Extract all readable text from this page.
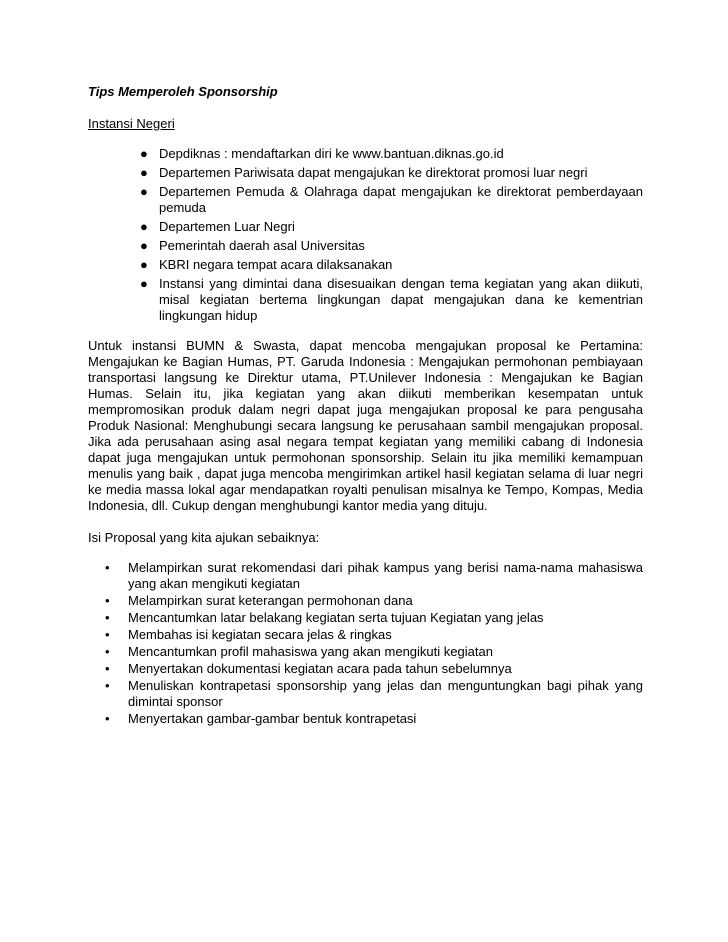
Tips Memperoleh Sponsorship
Instansi Negeri
● Depdiknas : mendaftarkan diri ke www.bantuan.diknas.go.id
● Departemen Pariwisata dapat mengajukan ke direktorat promosi luar negri
● Departemen Pemuda & Olahraga dapat mengajukan ke direktorat pemberdayaan pemuda
● Departemen Luar Negri
● Pemerintah daerah asal Universitas
● KBRI negara tempat acara dilaksanakan
● Instansi yang dimintai dana disesuaikan dengan tema kegiatan yang akan diikuti, misal kegiatan bertema lingkungan dapat mengajukan dana ke kementrian lingkungan hidup
Untuk instansi BUMN & Swasta, dapat mencoba mengajukan proposal ke Pertamina: Mengajukan ke Bagian Humas, PT. Garuda Indonesia : Mengajukan permohonan pembiayaan transportasi langsung ke Direktur utama, PT.Unilever Indonesia : Mengajukan ke Bagian Humas. Selain itu, jika kegiatan yang akan diikuti memberikan kesempatan untuk mempromosikan produk dalam negri dapat juga mengajukan proposal ke para pengusaha Produk Nasional: Menghubungi secara langsung ke perusahaan sambil mengajukan proposal. Jika ada perusahaan asing asal negara tempat kegiatan yang memiliki cabang di Indonesia dapat juga mengajukan untuk permohonan sponsorship. Selain itu jika memiliki kemampuan menulis yang baik , dapat juga mencoba mengirimkan artikel hasil kegiatan selama di luar negri ke media massa lokal agar mendapatkan royalti penulisan misalnya ke Tempo, Kompas, Media Indonesia, dll. Cukup dengan menghubungi kantor media yang dituju.
Isi Proposal yang kita ajukan sebaiknya:
• Melampirkan surat rekomendasi dari pihak kampus yang berisi nama-nama mahasiswa yang akan mengikuti kegiatan
• Melampirkan surat keterangan permohonan dana
• Mencantumkan latar belakang kegiatan serta tujuan Kegiatan yang jelas
• Membahas isi kegiatan secara jelas & ringkas
• Mencantumkan profil mahasiswa yang akan mengikuti kegiatan
• Menyertakan dokumentasi kegiatan acara pada tahun sebelumnya
• Menuliskan kontrapetasi sponsorship yang jelas dan menguntungkan bagi pihak yang dimintai sponsor
• Menyertakan gambar-gambar bentuk kontrapetasi
